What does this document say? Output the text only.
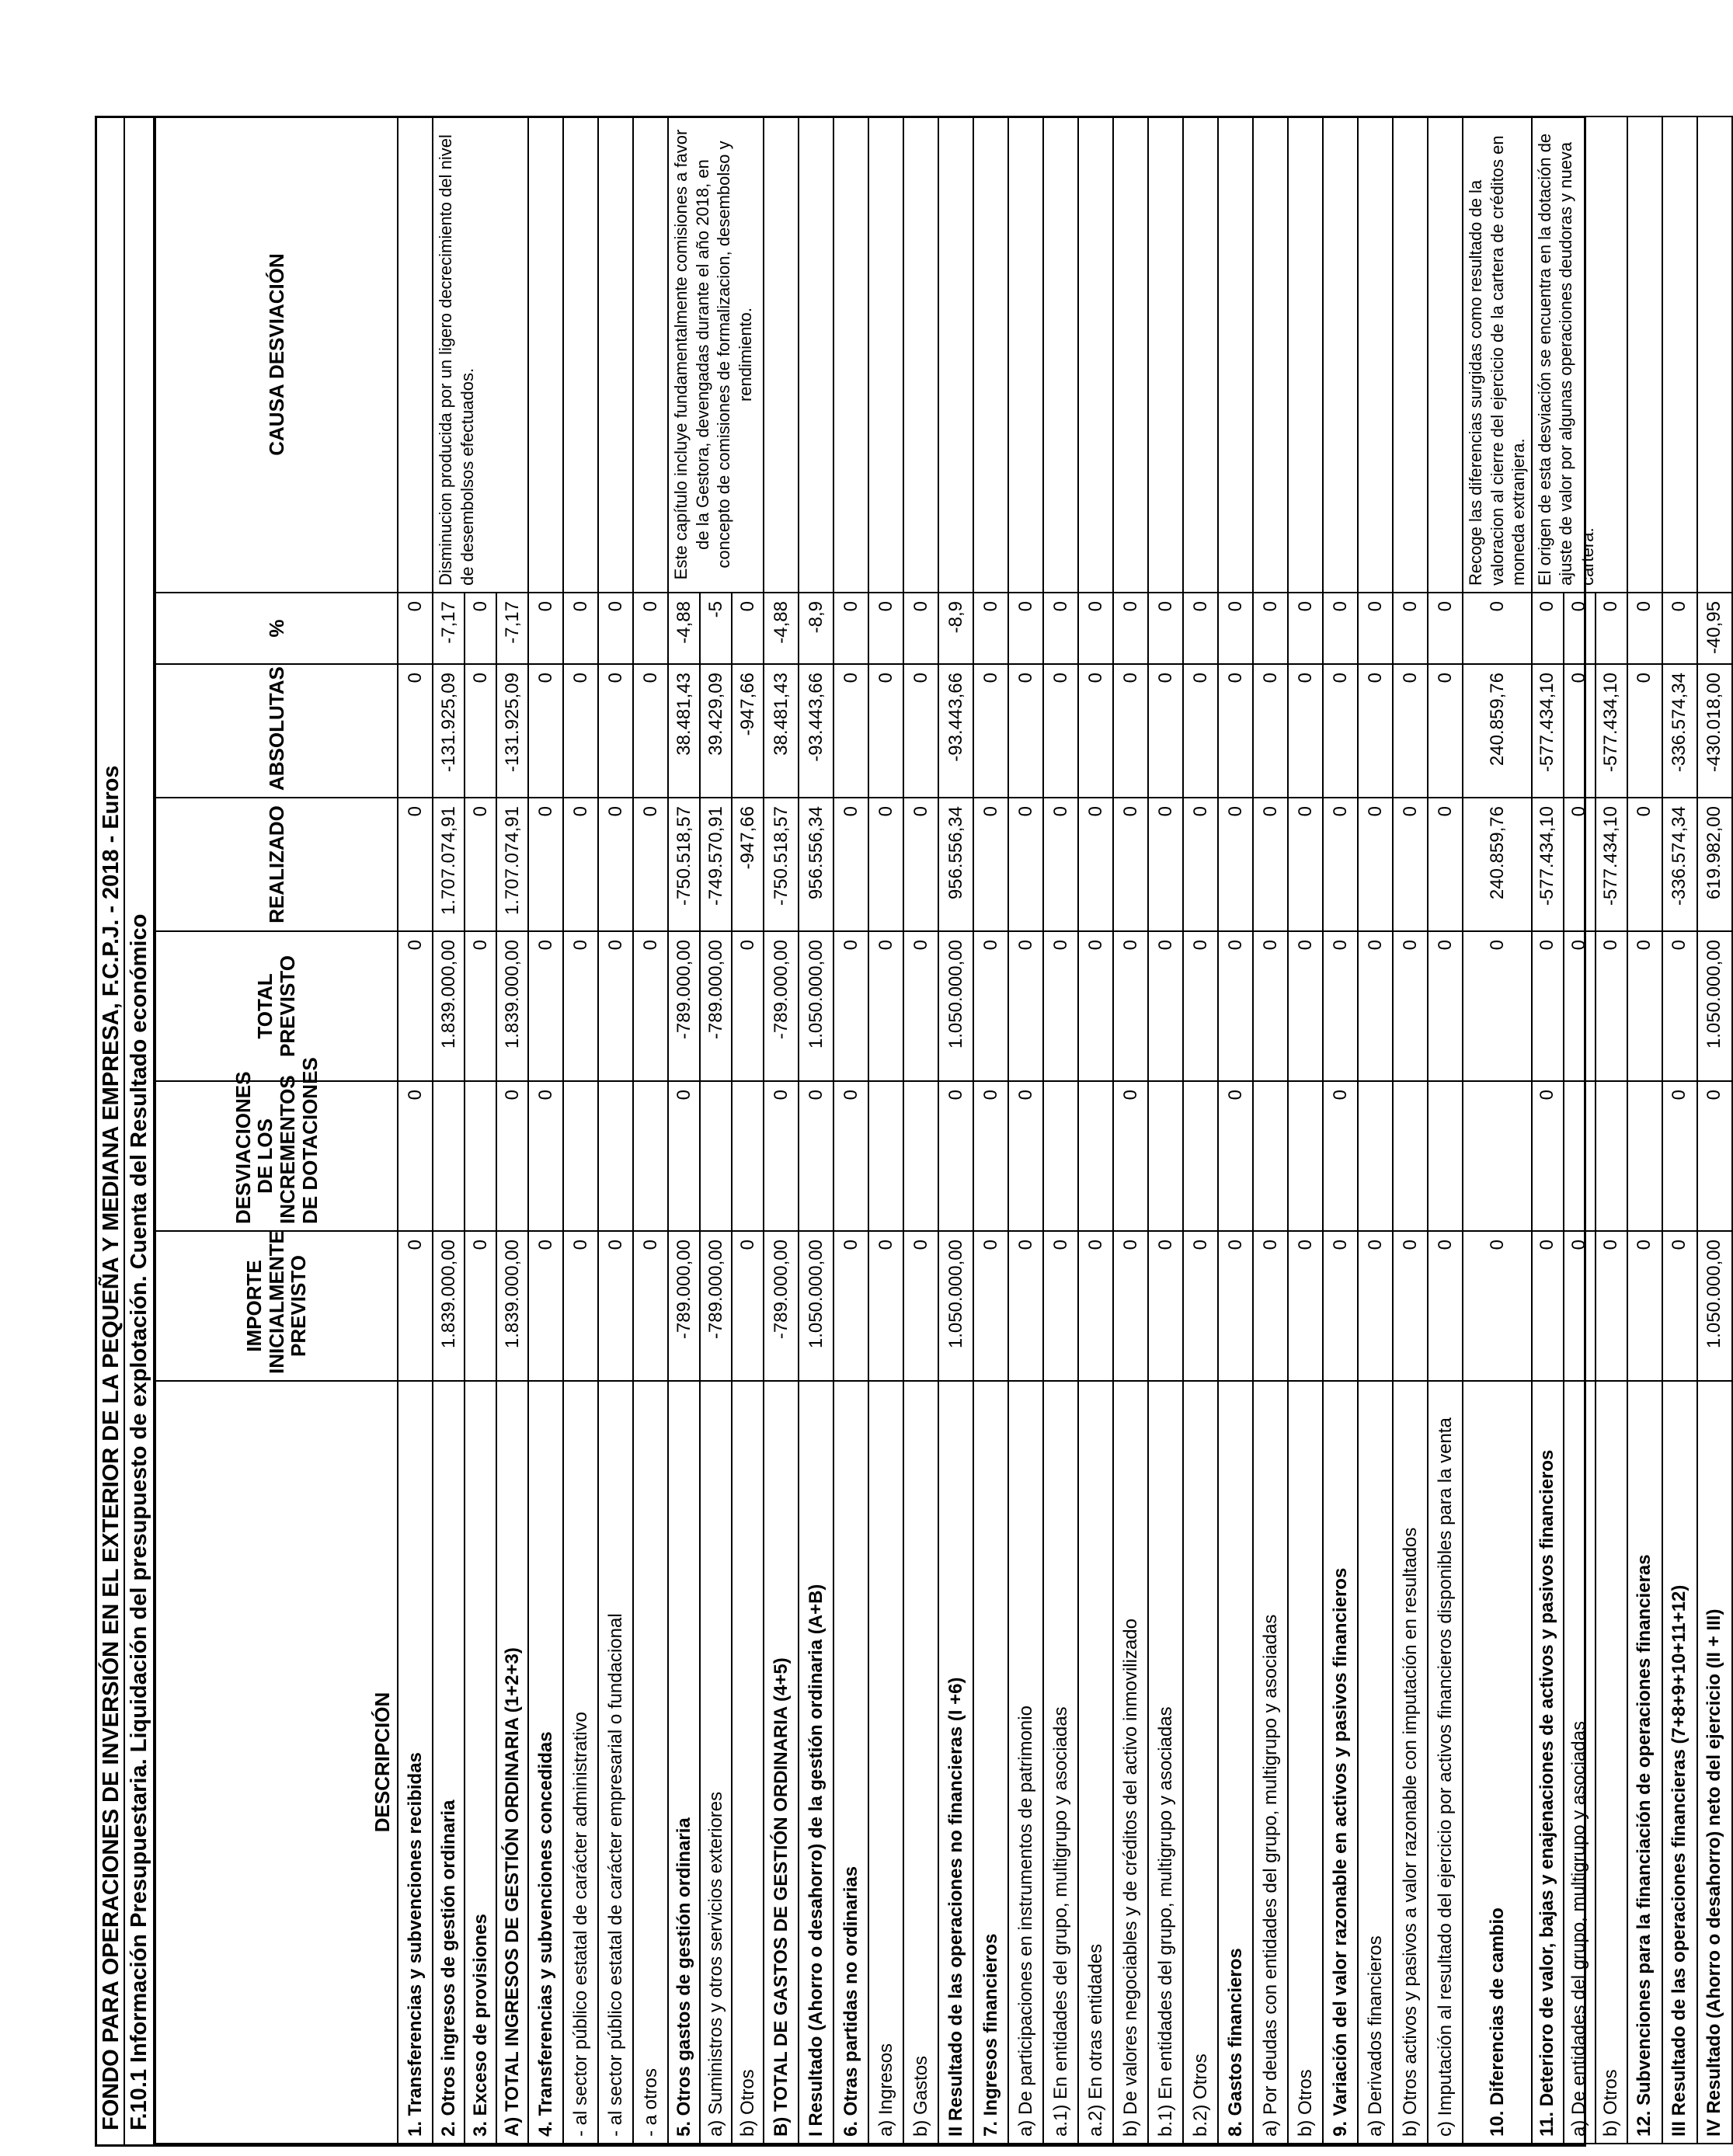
FONDO PARA OPERACIONES DE INVERSIÓN EN EL EXTERIOR DE LA PEQUEÑA Y MEDIANA EMPRESA, F.C.P.J. - 2018 - Euros F.10.1 Información Presupuestaria. Liquidación del presupuesto de explotación. Cuenta del Resultado económico	DESCRIPCIÓN	IMPORTE
INICIALMENTE
PREVISTO	DESVIACIONES
DE LOS
INCREMENTOS
DE DOTACIONES	TOTAL
PREVISTO	REALIZADO	ABSOLUTAS	%	CAUSA DESVIACIÓN
1. Transferencias y subvenciones recibidas	0	0	0	0	0	0	
2. Otros ingresos de gestión ordinaria	1.839.000,00		1.839.000,00	1.707.074,91	-131.925,09	-7,17	Disminucion producida por un ligero decrecimiento del nivel de desembolsos efectuados.
3. Exceso de provisiones	0		0	0	0	0	
A) TOTAL INGRESOS DE GESTIÓN ORDINARIA (1+2+3)	1.839.000,00	0	1.839.000,00	1.707.074,91	-131.925,09	-7,17	
4. Transferencias y subvenciones concedidas	0	0	0	0	0	0	
- al sector público estatal de carácter administrativo	0		0	0	0	0	
- al sector público estatal de carácter empresarial o fundacional	0		0	0	0	0	
- a otros	0		0	0	0	0	
5. Otros gastos de gestión ordinaria	-789.000,00	0	-789.000,00	-750.518,57	38.481,43	-4,88	Este capítulo incluye fundamentalmente comisiones a favor de la Gestora, devengadas durante el año 2018, en concepto de comisiones de formalizacion, desembolso y rendimiento.
a) Suministros y otros servicios exteriores	-789.000,00		-789.000,00	-749.570,91	39.429,09	-5	
b) Otros	0		0	-947,66	-947,66	0	
B) TOTAL DE GASTOS DE GESTIÓN ORDINARIA (4+5)	-789.000,00	0	-789.000,00	-750.518,57	38.481,43	-4,88	
I Resultado (Ahorro o desahorro) de la gestión ordinaria (A+B)	1.050.000,00	0	1.050.000,00	956.556,34	-93.443,66	-8,9	
6. Otras partidas no ordinarias	0	0	0	0	0	0	
a) Ingresos	0		0	0	0	0	
b) Gastos	0		0	0	0	0	
II Resultado de las operaciones no financieras (I +6)	1.050.000,00	0	1.050.000,00	956.556,34	-93.443,66	-8,9	
7. Ingresos financieros	0	0	0	0	0	0	
a) De participaciones en instrumentos de patrimonio	0	0	0	0	0	0	
a.1) En entidades del grupo, multigrupo y asociadas	0		0	0	0	0	
a.2) En otras entidades	0		0	0	0	0	
b) De valores negociables y de créditos del activo inmovilizado	0	0	0	0	0	0	
b.1) En entidades del grupo, multigrupo y asociadas	0		0	0	0	0	
b.2) Otros	0		0	0	0	0	
8. Gastos financieros	0	0	0	0	0	0	
a) Por deudas con entidades del grupo, multigrupo y asociadas	0		0	0	0	0	
b) Otros	0		0	0	0	0	
9. Variación del valor razonable en activos y pasivos financieros	0	0	0	0	0	0	
a) Derivados financieros	0		0	0	0	0	
b) Otros activos y pasivos a valor razonable con imputación en resultados	0		0	0	0	0	
c) Imputación al resultado del ejercicio por activos financieros disponibles para la venta	0		0	0	0	0	
10. Diferencias de cambio	0		0	240.859,76	240.859,76	0	Recoge las diferencias surgidas como resultado de la valoracion al cierre del ejercicio de la cartera de créditos en moneda extranjera.
11. Deterioro de valor, bajas y enajenaciones de activos y pasivos financieros	0	0	0	-577.434,10	-577.434,10	0	El origen de esta desviación se encuentra en la dotación de ajuste de valor por algunas operaciones deudoras y nueva cartera.
a) De entidades del grupo, multigrupo y asociadas	0		0	0	0	0	
b) Otros	0		0	-577.434,10	-577.434,10	0	
12. Subvenciones para la financiación de operaciones financieras	0		0	0	0	0	
III Resultado de las operaciones financieras (7+8+9+10+11+12)	0	0	0	-336.574,34	-336.574,34	0	
IV Resultado (Ahorro o desahorro) neto del ejercicio (II + III)	1.050.000,00	0	1.050.000,00	619.982,00	-430.018,00	-40,95	
